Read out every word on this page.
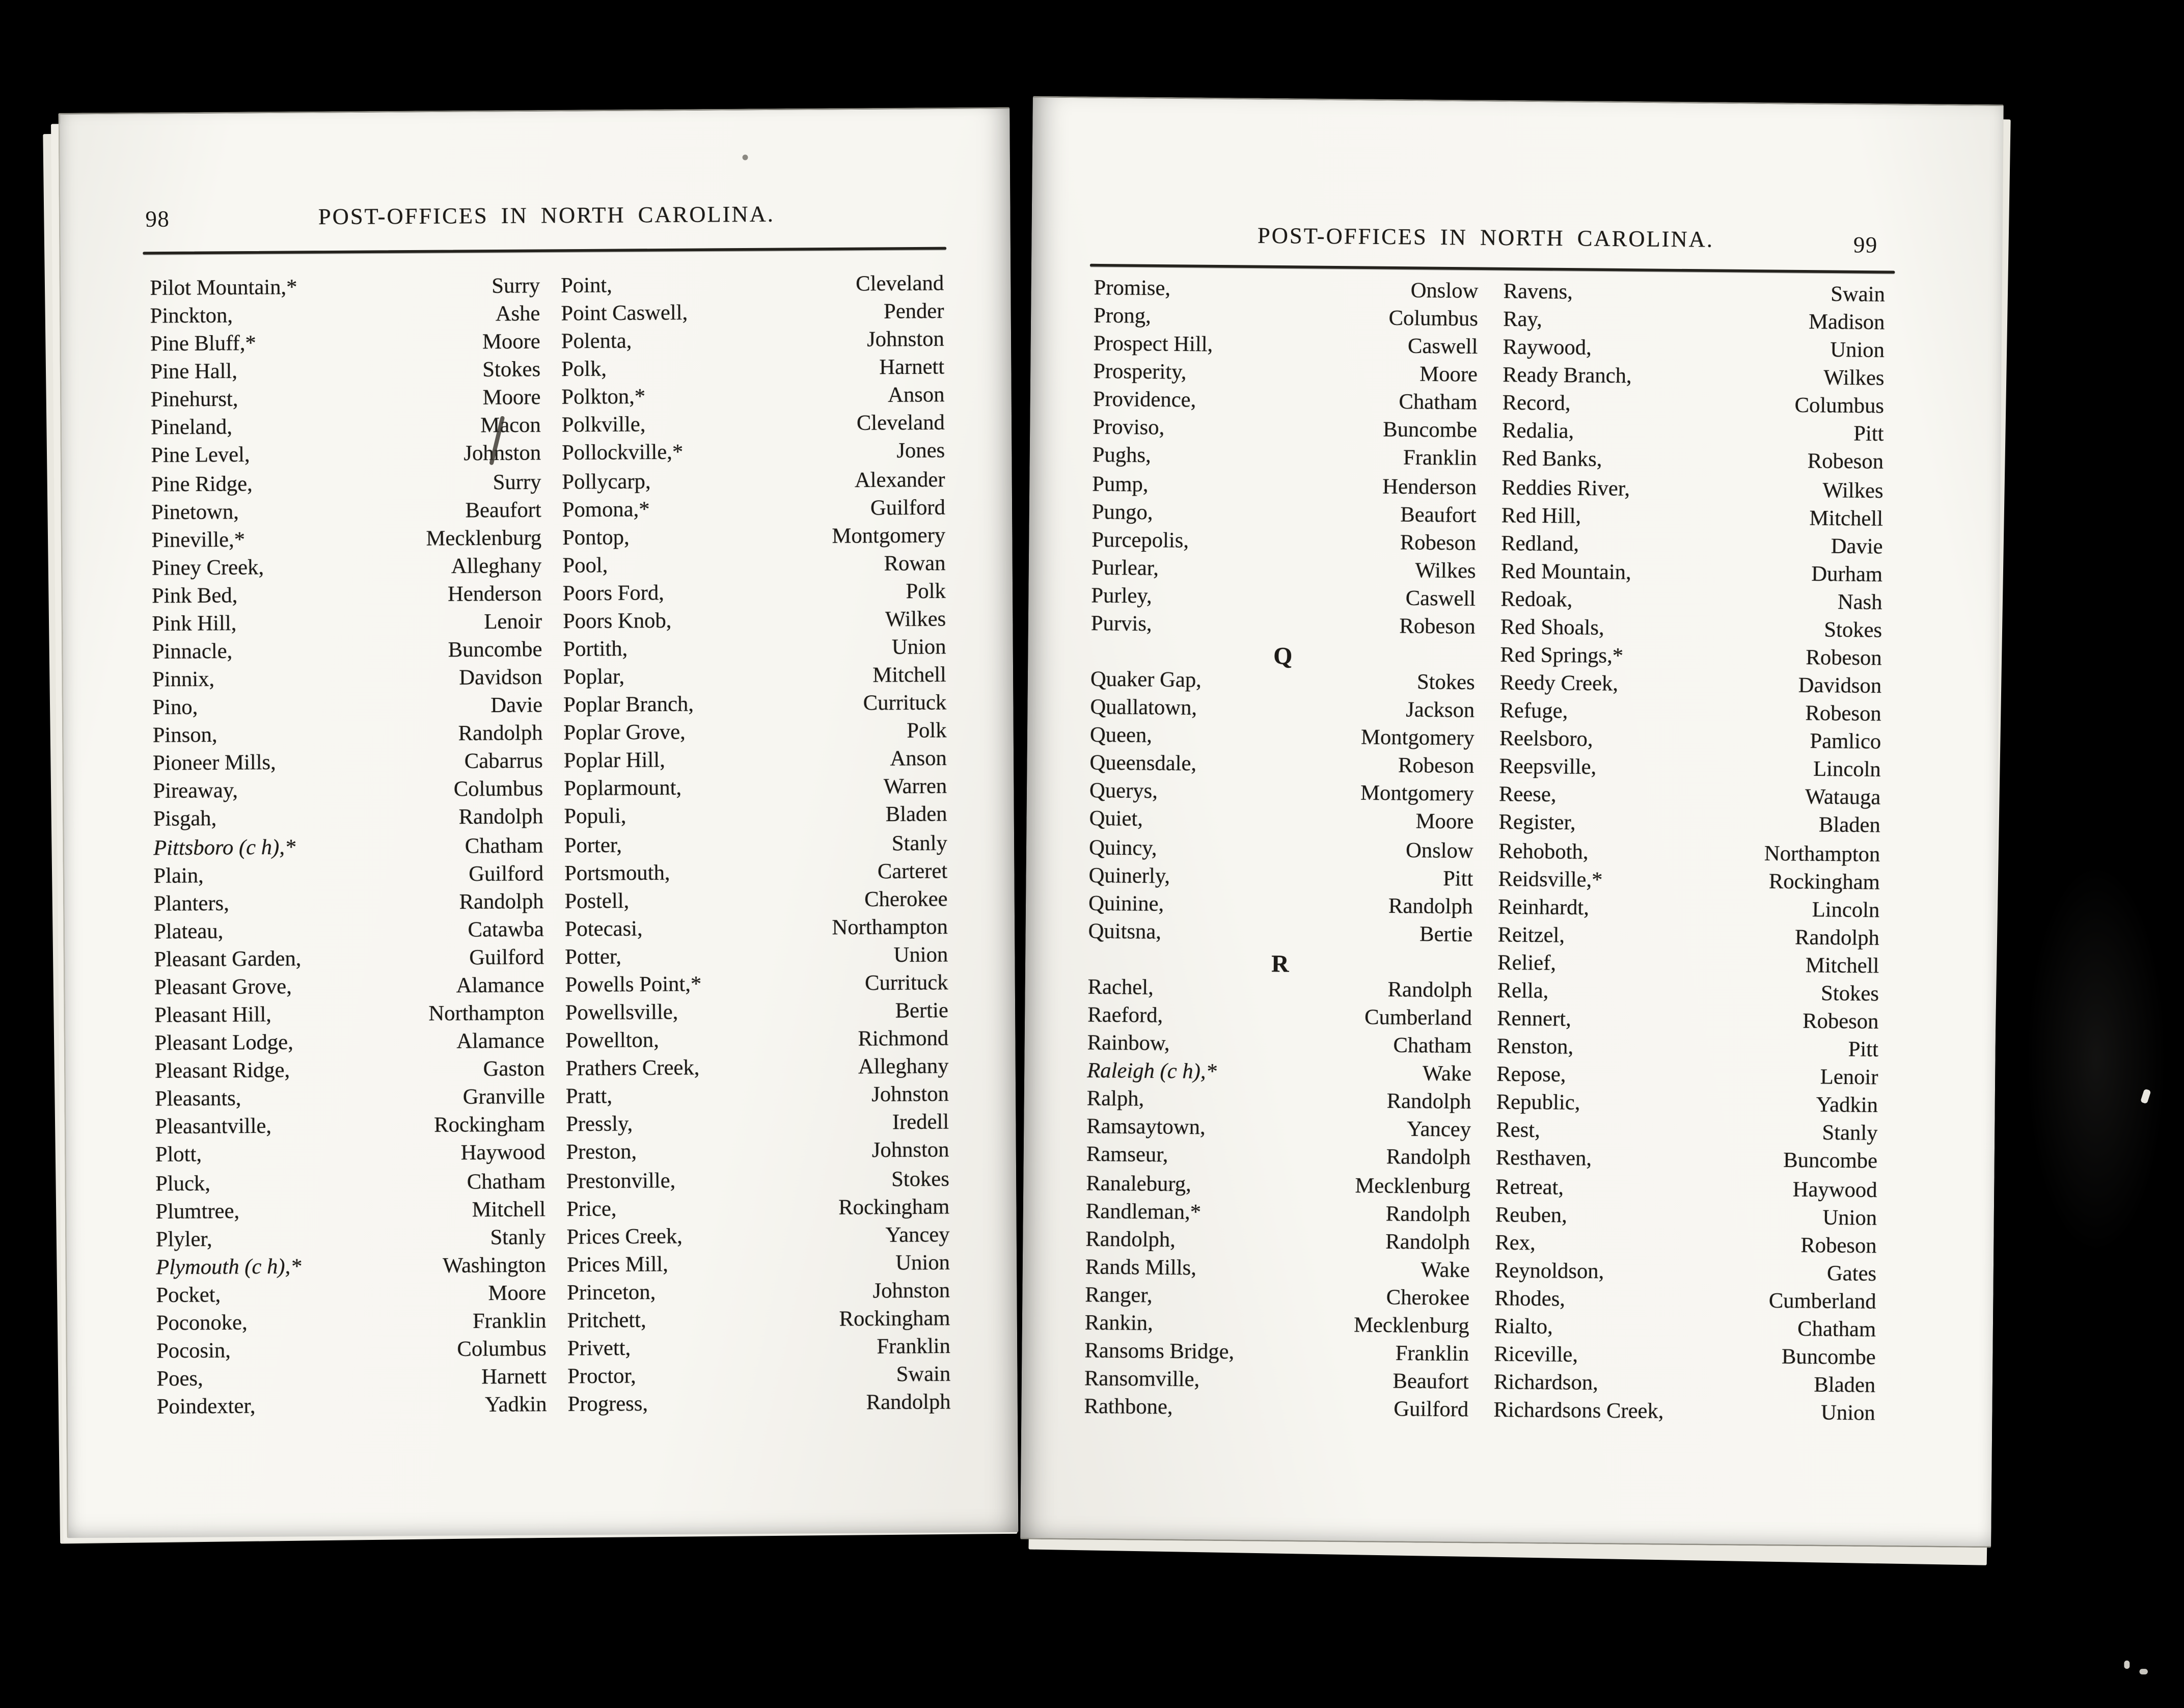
98	POST-OFFICES IN NORTH CAROLINA.
Pilot Mountain,*	Surry
Pinckton,	Ashe
Pine Bluff,*	Moore
Pine Hall,	Stokes
Pinehurst,	Moore
Pineland,	Macon
Pine Level,	Johnston
Pine Ridge,	Surry
Pinetown,	Beaufort
Pineville,*	Mecklenburg
Piney Creek,	Alleghany
Pink Bed,	Henderson
Pink Hill,	Lenoir
Pinnacle,	Buncombe
Pinnix,	Davidson
Pino,	Davie
Pinson,	Randolph
Pioneer Mills,	Cabarrus
Pireaway,	Columbus
Pisgah,	Randolph
Pittsboro (c h),*	Chatham
Plain,	Guilford
Planters,	Randolph
Plateau,	Catawba
Pleasant Garden,	Guilford
Pleasant Grove,	Alamance
Pleasant Hill,	Northampton
Pleasant Lodge,	Alamance
Pleasant Ridge,	Gaston
Pleasants,	Granville
Pleasantville,	Rockingham
Plott,	Haywood
Pluck,	Chatham
Plumtree,	Mitchell
Plyler,	Stanly
Plymouth (c h),*	Washington
Pocket,	Moore
Poconoke,	Franklin
Pocosin,	Columbus
Poes,	Harnett
Poindexter,	Yadkin
Point,	Cleveland
Point Caswell,	Pender
Polenta,	Johnston
Polk,	Harnett
Polkton,*	Anson
Polkville,	Cleveland
Pollockville,*	Jones
Pollycarp,	Alexander
Pomona,*	Guilford
Pontop,	Montgomery
Pool,	Rowan
Poors Ford,	Polk
Poors Knob,	Wilkes
Portith,	Union
Poplar,	Mitchell
Poplar Branch,	Currituck
Poplar Grove,	Polk
Poplar Hill,	Anson
Poplarmount,	Warren
Populi,	Bladen
Porter,	Stanly
Portsmouth,	Carteret
Postell,	Cherokee
Potecasi,	Northampton
Potter,	Union
Powells Point,*	Currituck
Powellsville,	Bertie
Powellton,	Richmond
Prathers Creek,	Alleghany
Pratt,	Johnston
Pressly,	Iredell
Preston,	Johnston
Prestonville,	Stokes
Price,	Rockingham
Prices Creek,	Yancey
Prices Mill,	Union
Princeton,	Johnston
Pritchett,	Rockingham
Privett,	Franklin
Proctor,	Swain
Progress,	Randolph
POST-OFFICES IN NORTH CAROLINA.	99
Promise,	Onslow
Prong,	Columbus
Prospect Hill,	Caswell
Prosperity,	Moore
Providence,	Chatham
Proviso,	Buncombe
Pughs,	Franklin
Pump,	Henderson
Pungo,	Beaufort
Purcepolis,	Robeson
Purlear,	Wilkes
Purley,	Caswell
Purvis,	Robeson
Q
Quaker Gap,	Stokes
Quallatown,	Jackson
Queen,	Montgomery
Queensdale,	Robeson
Querys,	Montgomery
Quiet,	Moore
Quincy,	Onslow
Quinerly,	Pitt
Quinine,	Randolph
Quitsna,	Bertie
R
Rachel,	Randolph
Raeford,	Cumberland
Rainbow,	Chatham
Raleigh (c h),*	Wake
Ralph,	Randolph
Ramsaytown,	Yancey
Ramseur,	Randolph
Ranaleburg,	Mecklenburg
Randleman,*	Randolph
Randolph,	Randolph
Rands Mills,	Wake
Ranger,	Cherokee
Rankin,	Mecklenburg
Ransoms Bridge,	Franklin
Ransomville,	Beaufort
Rathbone,	Guilford
Ravens,	Swain
Ray,	Madison
Raywood,	Union
Ready Branch,	Wilkes
Record,	Columbus
Redalia,	Pitt
Red Banks,	Robeson
Reddies River,	Wilkes
Red Hill,	Mitchell
Redland,	Davie
Red Mountain,	Durham
Redoak,	Nash
Red Shoals,	Stokes
Red Springs,*	Robeson
Reedy Creek,	Davidson
Refuge,	Robeson
Reelsboro,	Pamlico
Reepsville,	Lincoln
Reese,	Watauga
Register,	Bladen
Rehoboth,	Northampton
Reidsville,*	Rockingham
Reinhardt,	Lincoln
Reitzel,	Randolph
Relief,	Mitchell
Rella,	Stokes
Rennert,	Robeson
Renston,	Pitt
Repose,	Lenoir
Republic,	Yadkin
Rest,	Stanly
Resthaven,	Buncombe
Retreat,	Haywood
Reuben,	Union
Rex,	Robeson
Reynoldson,	Gates
Rhodes,	Cumberland
Rialto,	Chatham
Riceville,	Buncombe
Richardson,	Bladen
Richardsons Creek,	Union
